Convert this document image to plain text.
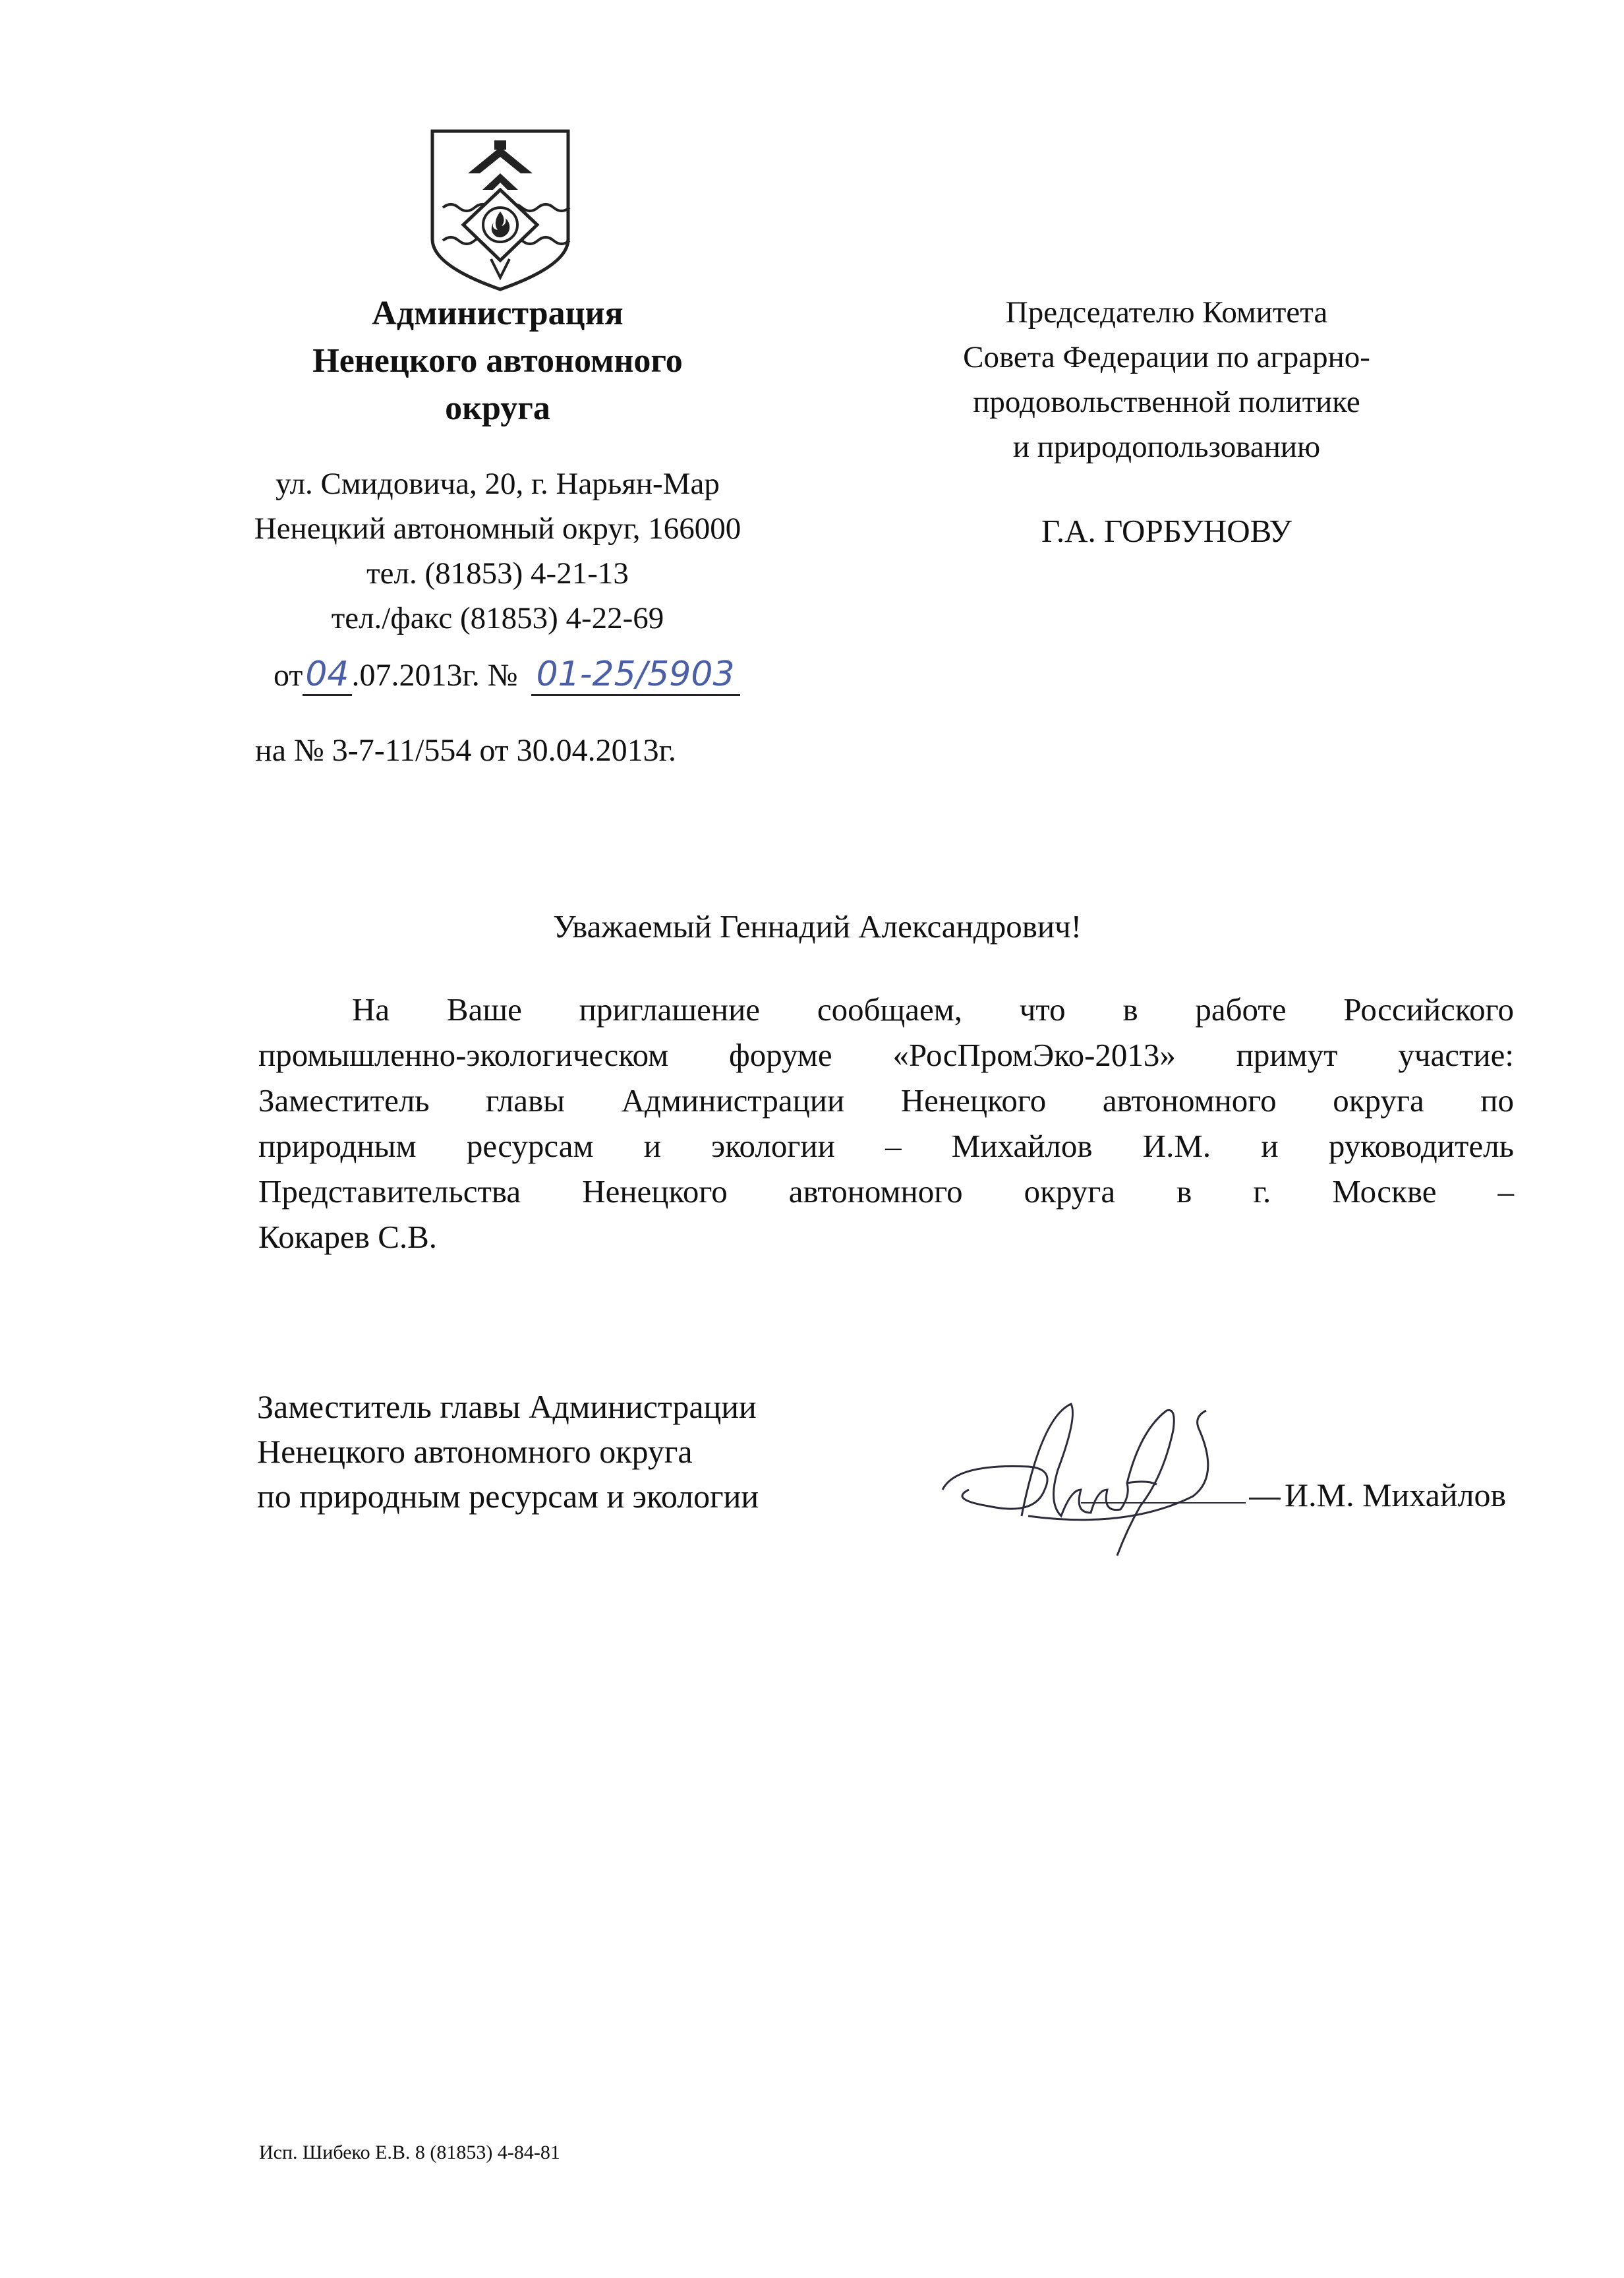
Администрация
Ненецкого автономного
округа
ул. Смидовича, 20, г. Нарьян-Мар
Ненецкий автономный округ, 166000
тел. (81853) 4-21-13
тел./факс (81853) 4-22-69
от04.07.2013г. № 01-25/5903
на № 3-7-11/554 от 30.04.2013г.
Председателю Комитета
Совета Федерации по аграрно-
продовольственной политике
и природопользованию
Г.А. ГОРБУНОВУ
Уважаемый Геннадий Александрович!
На Ваше приглашение сообщаем, что в работе Российского
промышленно-экологическом форуме «РосПромЭко-2013» примут участие:
Заместитель главы Администрации Ненецкого автономного округа по
природным ресурсам и экологии – Михайлов И.М. и руководитель
Представительства Ненецкого автономного округа в г. Москве –
Кокарев С.В.
Заместитель главы Администрации
Ненецкого автономного округа
по природным ресурсам и экологии	И.М. Михайлов
Исп. Шибеко Е.В. 8 (81853) 4-84-81
